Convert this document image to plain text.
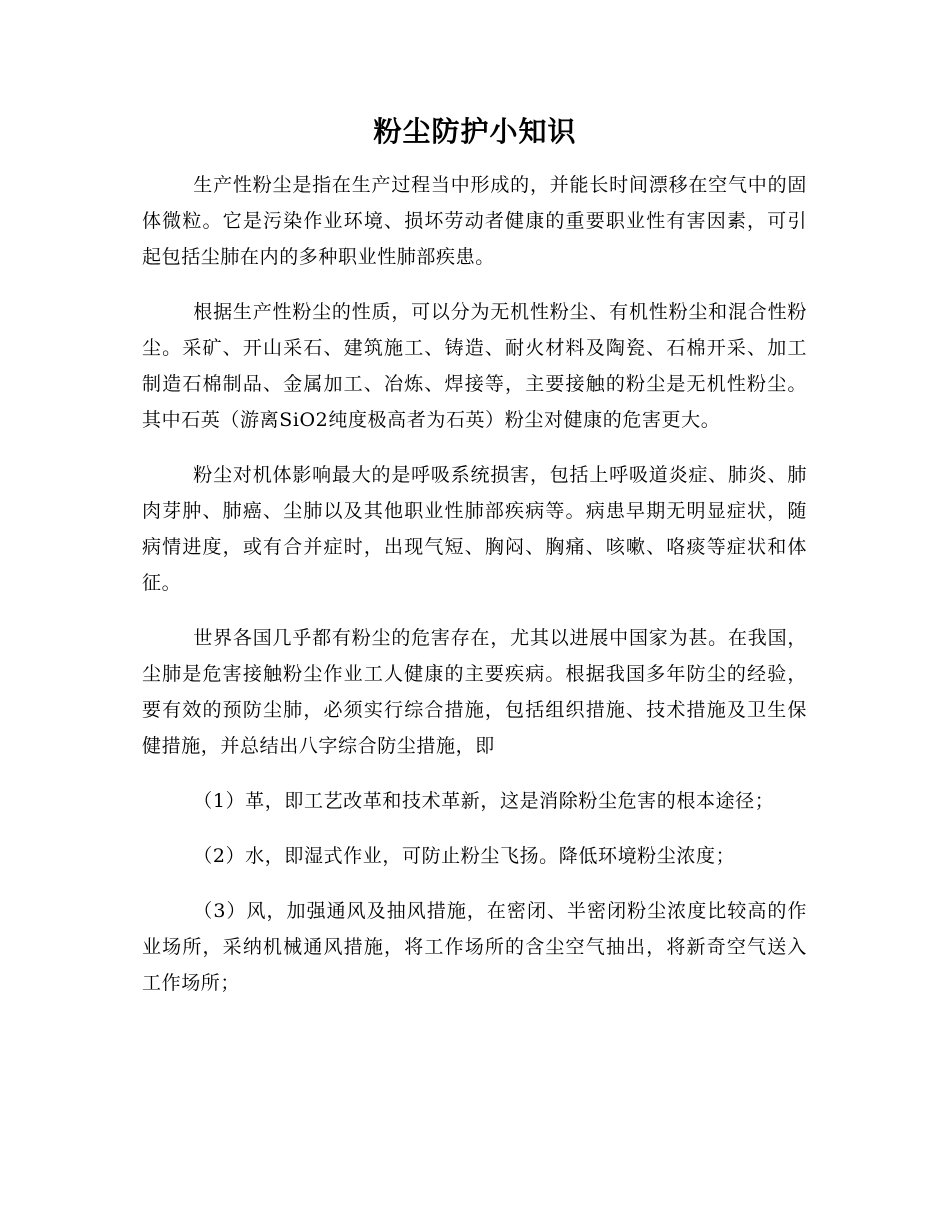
粉尘防护小知识

生产性粉尘是指在生产过程当中形成的，并能长时间漂移在空气中的固体微粒。它是污染作业环境、损坏劳动者健康的重要职业性有害因素，可引起包括尘肺在内的多种职业性肺部疾患。

根据生产性粉尘的性质，可以分为无机性粉尘、有机性粉尘和混合性粉尘。采矿、开山采石、建筑施工、铸造、耐火材料及陶瓷、石棉开采、加工制造石棉制品、金属加工、冶炼、焊接等，主要接触的粉尘是无机性粉尘。其中石英（游离SiO2纯度极高者为石英）粉尘对健康的危害更大。

粉尘对机体影响最大的是呼吸系统损害，包括上呼吸道炎症、肺炎、肺肉芽肿、肺癌、尘肺以及其他职业性肺部疾病等。病患早期无明显症状，随病情进度，或有合并症时，出现气短、胸闷、胸痛、咳嗽、咯痰等症状和体征。

世界各国几乎都有粉尘的危害存在，尤其以进展中国家为甚。在我国，尘肺是危害接触粉尘作业工人健康的主要疾病。根据我国多年防尘的经验，要有效的预防尘肺，必须实行综合措施，包括组织措施、技术措施及卫生保健措施，并总结出八字综合防尘措施，即

（1）革，即工艺改革和技术革新，这是消除粉尘危害的根本途径；

（2）水，即湿式作业，可防止粉尘飞扬。降低环境粉尘浓度；

（3）风，加强通风及抽风措施，在密闭、半密闭粉尘浓度比较高的作业场所，采纳机械通风措施，将工作场所的含尘空气抽出，将新奇空气送入工作场所；
